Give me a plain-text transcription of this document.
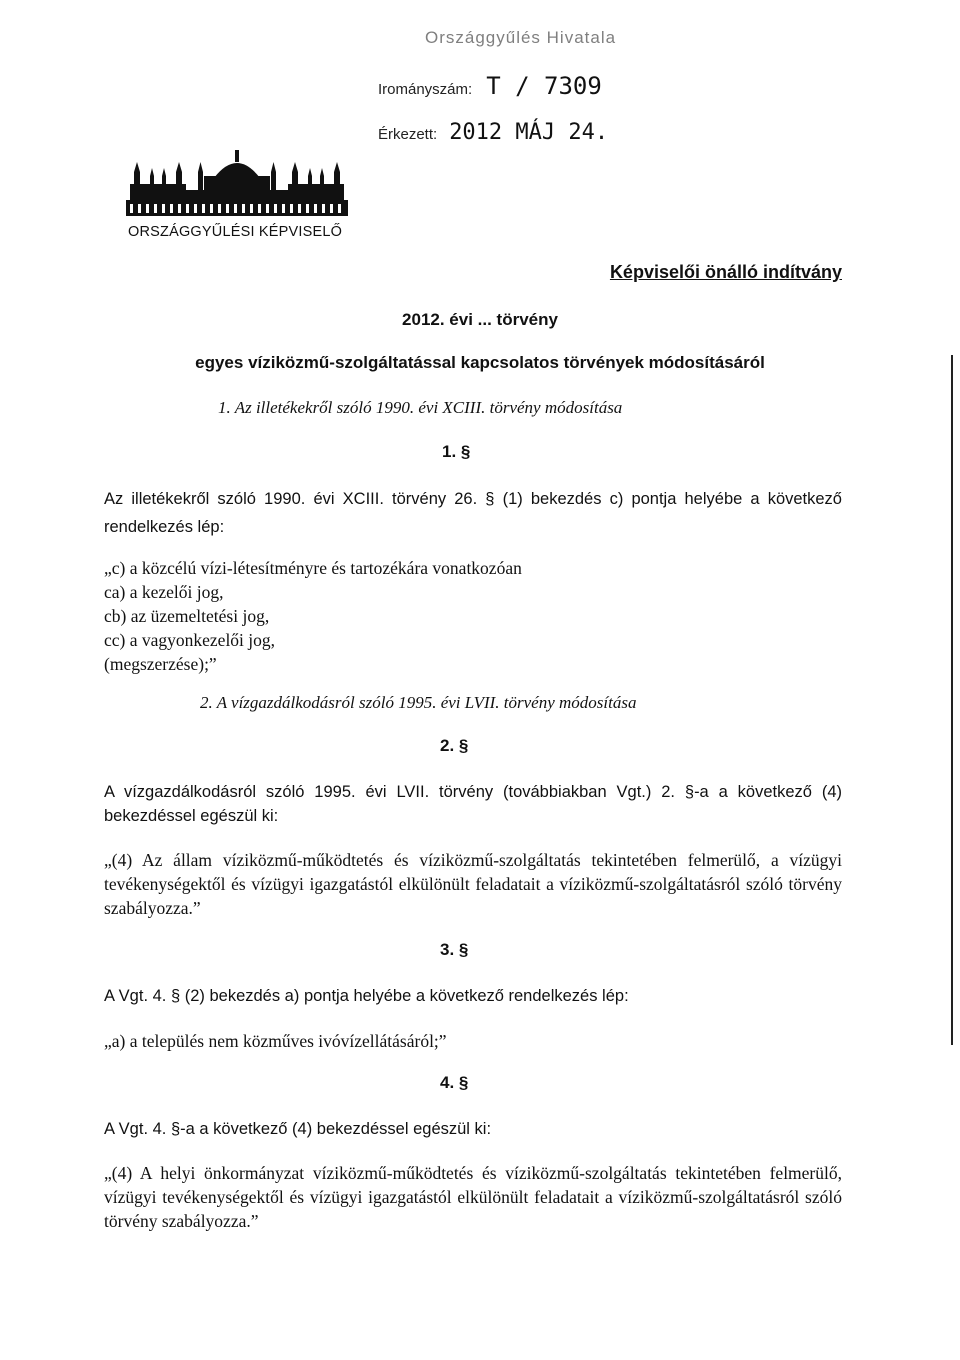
Országgyűlés Hivatala
Irományszám: T / 7309
Érkezett: 2012 MÁJ 24.
ORSZÁGGYŰLÉSI KÉPVISELŐ
Képviselői önálló indítvány
2012. évi ... törvény
egyes víziközmű-szolgáltatással kapcsolatos törvények módosításáról
1. Az illetékekről szóló 1990. évi XCIII. törvény módosítása
1. §
Az illetékekről szóló 1990. évi XCIII. törvény 26. § (1) bekezdés c) pontja helyébe a következő rendelkezés lép:
„c) a közcélú vízi-létesítményre és tartozékára vonatkozóan
ca) a kezelői jog,
cb) az üzemeltetési jog,
cc) a vagyonkezelői jog,
(megszerzése);”
2. A vízgazdálkodásról szóló 1995. évi LVII. törvény módosítása
2. §
A vízgazdálkodásról szóló 1995. évi LVII. törvény (továbbiakban Vgt.) 2. §-a a következő (4) bekezdéssel egészül ki:
„(4) Az állam víziközmű-működtetés és víziközmű-szolgáltatás tekintetében felmerülő, a vízügyi tevékenységektől és vízügyi igazgatástól elkülönült feladatait a víziközmű-szolgáltatásról szóló törvény szabályozza.”
3. §
A Vgt. 4. § (2) bekezdés a) pontja helyébe a következő rendelkezés lép:
„a) a település nem közműves ivóvízellátásáról;”
4. §
A Vgt. 4. §-a a következő (4) bekezdéssel egészül ki:
„(4) A helyi önkormányzat víziközmű-működtetés és víziközmű-szolgáltatás tekintetében felmerülő, vízügyi tevékenységektől és vízügyi igazgatástól elkülönült feladatait a víziközmű-szolgáltatásról szóló törvény szabályozza.”
